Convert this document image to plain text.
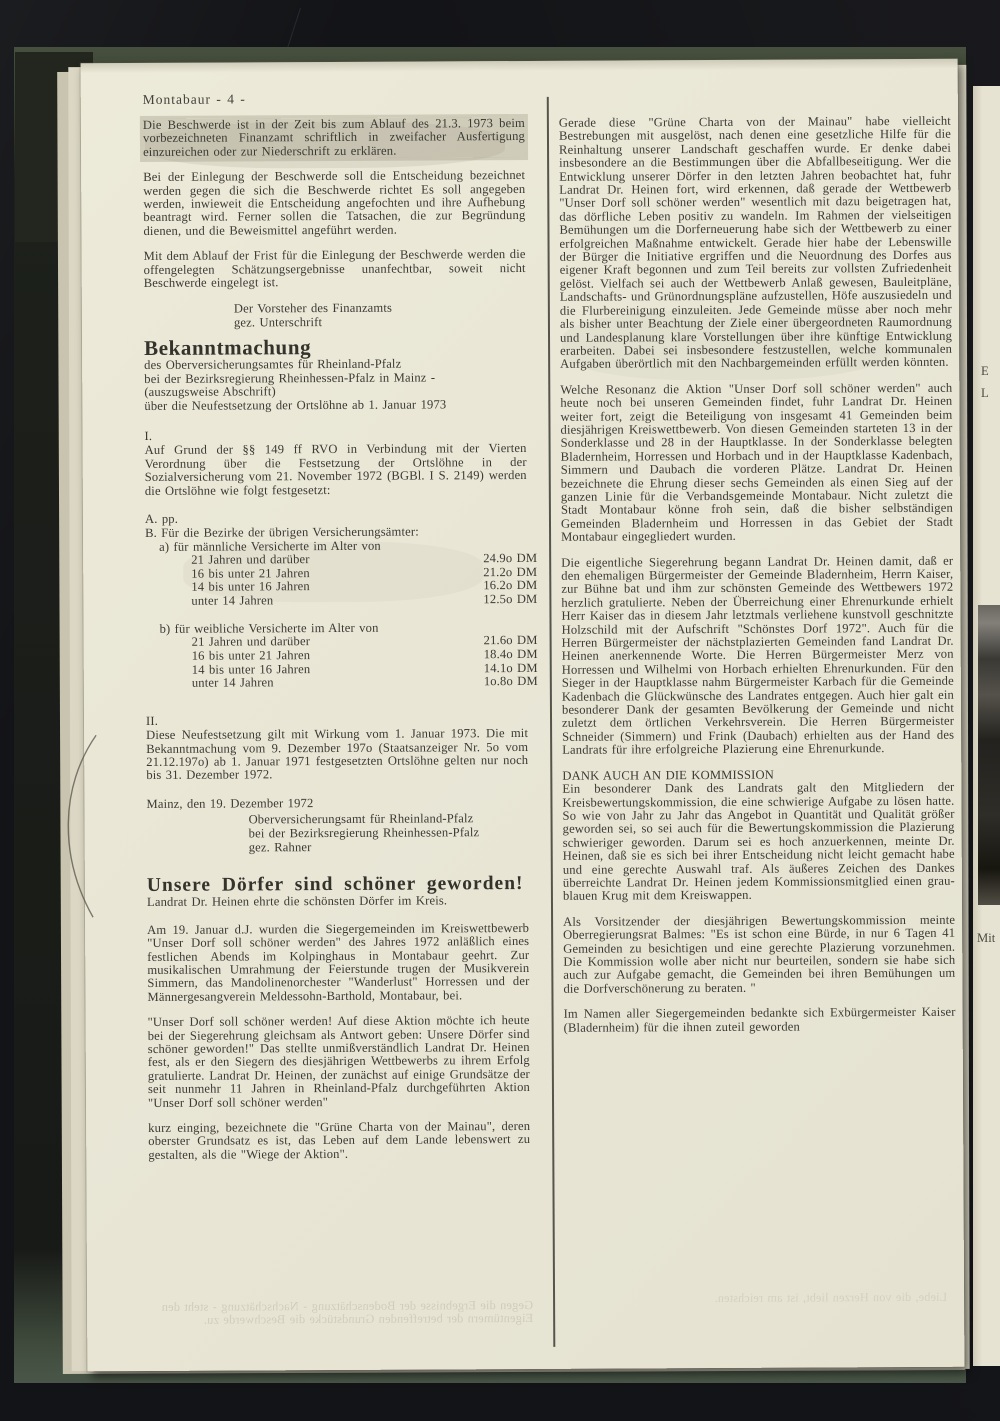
Montabaur - 4 -

Die Beschwerde ist in der Zeit bis zum Ablauf des 21.3. 1973 beim vorbezeichneten Finanzamt schriftlich in zweifacher Ausfertigung einzureichen oder zur Niederschrift zu erklären.

Bei der Einlegung der Beschwerde soll die Entscheidung bezeichnet werden gegen die sich die Beschwerde richtet Es soll angegeben werden, inwieweit die Entscheidung angefochten und ihre Aufhebung beantragt wird. Ferner sollen die Tatsachen, die zur Begründung dienen, und die Beweismittel angeführt werden.

Mit dem Ablauf der Frist für die Einlegung der Beschwerde werden die offengelegten Schätzungsergebnisse unanfechtbar, soweit nicht Beschwerde eingelegt ist.

Der Vorsteher des Finanzamts
gez. Unterschrift
Bekanntmachung
des Oberversicherungsamtes für Rheinland-Pfalz
bei der Bezirksregierung Rheinhessen-Pfalz in Mainz -
(auszugsweise Abschrift)
über die Neufestsetzung der Ortslöhne ab 1. Januar 1973
I.

Auf Grund der §§ 149 ff RVO in Verbindung mit der Vierten Verordnung über die Festsetzung der Ortslöhne in der Sozialversicherung vom 21. November 1972 (BGBl. I S. 2149) werden die Ortslöhne wie folgt festgesetzt:

A. pp.
B. Für die Bezirke der übrigen Versicherungsämter:
a) für männliche Versicherte im Alter von
21 Jahren und darüber	24.9o DM
16 bis unter 21 Jahren	21.2o DM
14 bis unter 16 Jahren	16.2o DM
unter 14 Jahren	12.5o DM
b) für weibliche Versicherte im Alter von
21 Jahren und darüber	21.6o DM
16 bis unter 21 Jahren	18.4o DM
14 bis unter 16 Jahren	14.1o DM
unter 14 Jahren	1o.8o DM
II.

Diese Neufestsetzung gilt mit Wirkung vom 1. Januar 1973. Die mit Bekanntmachung vom 9. Dezember 197o (Staatsanzeiger Nr. 5o vom 21.12.197o) ab 1. Januar 1971 festgesetzten Ortslöhne gelten nur noch bis 31. Dezember 1972.

Mainz, den 19. Dezember 1972
Oberversicherungsamt für Rheinland-Pfalz
bei der Bezirksregierung Rheinhessen-Pfalz
gez. Rahner
Unsere Dörfer sind schöner geworden!
Landrat Dr. Heinen ehrte die schönsten Dörfer im Kreis.

Am 19. Januar d.J. wurden die Siegergemeinden im Kreiswettbewerb "Unser Dorf soll schöner werden" des Jahres 1972 anläßlich eines festlichen Abends im Kolpinghaus in Montabaur geehrt. Zur musikalischen Umrahmung der Feierstunde trugen der Musikverein Simmern, das Mandolinenorchester "Wanderlust" Horressen und der Männergesangverein Meldessohn-Barthold, Montabaur, bei.

"Unser Dorf soll schöner werden! Auf diese Aktion möchte ich heute bei der Siegerehrung gleichsam als Antwort geben: Unsere Dörfer sind schöner geworden!" Das stellte unmißverständlich Landrat Dr. Heinen fest, als er den Siegern des diesjährigen Wettbewerbs zu ihrem Erfolg gratulierte. Landrat Dr. Heinen, der zunächst auf einige Grundsätze der seit nunmehr 11 Jahren in Rheinland-Pfalz durchgeführten Aktion "Unser Dorf soll schöner werden"

kurz einging, bezeichnete die "Grüne Charta von der Mainau", deren oberster Grundsatz es ist, das Leben auf dem Lande lebenswert zu gestalten, als die "Wiege der Aktion".

Gerade diese "Grüne Charta von der Mainau" habe vielleicht Bestrebungen mit ausgelöst, nach denen eine gesetzliche Hilfe für die Reinhaltung unserer Landschaft geschaffen wurde. Er denke dabei insbesondere an die Bestimmungen über die Abfallbeseitigung. Wer die Entwicklung unserer Dörfer in den letzten Jahren beobachtet hat, fuhr Landrat Dr. Heinen fort, wird erkennen, daß gerade der Wettbewerb "Unser Dorf soll schöner werden" wesentlich mit dazu beigetragen hat, das dörfliche Leben positiv zu wandeln. Im Rahmen der vielseitigen Bemühungen um die Dorferneuerung habe sich der Wettbewerb zu einer erfolgreichen Maßnahme entwickelt. Gerade hier habe der Lebenswille der Bürger die Initiative ergriffen und die Neuordnung des Dorfes aus eigener Kraft begonnen und zum Teil bereits zur vollsten Zufriedenheit gelöst. Vielfach sei auch der Wettbewerb Anlaß gewesen, Bauleitpläne, Landschafts- und Grünordnungspläne aufzustellen, Höfe auszusiedeln und die Flurbereinigung einzuleiten. Jede Gemeinde müsse aber noch mehr als bisher unter Beachtung der Ziele einer übergeordneten Raumordnung und Landesplanung klare Vorstellungen über ihre künftige Entwicklung erarbeiten. Dabei sei insbesondere festzustellen, welche kommunalen Aufgaben überörtlich mit den Nachbargemeinden erfüllt werden könnten.

Welche Resonanz die Aktion "Unser Dorf soll schöner werden" auch heute noch bei unseren Gemeinden findet, fuhr Landrat Dr. Heinen weiter fort, zeigt die Beteiligung von insgesamt 41 Gemeinden beim diesjährigen Kreiswettbewerb. Von diesen Gemeinden starteten 13 in der Sonderklasse und 28 in der Hauptklasse. In der Sonderklasse belegten Bladernheim, Horressen und Horbach und in der Hauptklasse Kadenbach, Simmern und Daubach die vorderen Plätze. Landrat Dr. Heinen bezeichnete die Ehrung dieser sechs Gemeinden als einen Sieg auf der ganzen Linie für die Verbandsgemeinde Montabaur. Nicht zuletzt die Stadt Montabaur könne froh sein, daß die bisher selbständigen Gemeinden Bladernheim und Horressen in das Gebiet der Stadt Montabaur eingegliedert wurden.

Die eigentliche Siegerehrung begann Landrat Dr. Heinen damit, daß er den ehemaligen Bürgermeister der Gemeinde Bladernheim, Herrn Kaiser, zur Bühne bat und ihm zur schönsten Gemeinde des Wettbewers 1972 herzlich gratulierte. Neben der Überreichung einer Ehrenurkunde erhielt Herr Kaiser das in diesem Jahr letztmals verliehene kunstvoll geschnitzte Holzschild mit der Aufschrift "Schönstes Dorf 1972". Auch für die Herren Bürgermeister der nächstplazierten Gemeinden fand Landrat Dr. Heinen anerkennende Worte. Die Herren Bürgermeister Merz von Horressen und Wilhelmi von Horbach erhielten Ehrenurkunden. Für den Sieger in der Hauptklasse nahm Bürgermeister Karbach für die Gemeinde Kadenbach die Glückwünsche des Landrates entgegen. Auch hier galt ein besonderer Dank der gesamten Bevölkerung der Gemeinde und nicht zuletzt dem örtlichen Verkehrsverein. Die Herren Bürgermeister Schneider (Simmern) und Frink (Daubach) erhielten aus der Hand des Landrats für ihre erfolgreiche Plazierung eine Ehrenurkunde.

DANK AUCH AN DIE KOMMISSION

Ein besonderer Dank des Landrats galt den Mitgliedern der Kreisbewertungskommission, die eine schwierige Aufgabe zu lösen hatte. So wie von Jahr zu Jahr das Angebot in Quantität und Qualität größer geworden sei, so sei auch für die Bewertungskommission die Plazierung schwieriger geworden. Darum sei es hoch anzuerkennen, meinte Dr. Heinen, daß sie es sich bei ihrer Entscheidung nicht leicht gemacht habe und eine gerechte Auswahl traf. Als äußeres Zeichen des Dankes überreichte Landrat Dr. Heinen jedem Kommissionsmitglied einen grau-blauen Krug mit dem Kreiswappen.

Als Vorsitzender der diesjährigen Bewertungskommission meinte Oberregierungsrat Balmes: "Es ist schon eine Bürde, in nur 6 Tagen 41 Gemeinden zu besichtigen und eine gerechte Plazierung vorzunehmen. Die Kommission wolle aber nicht nur beurteilen, sondern sie habe sich auch zur Aufgabe gemacht, die Gemeinden bei ihren Bemühungen um die Dorfverschönerung zu beraten. "

Im Namen aller Siegergemeinden bedankte sich Exbürgermeister Kaiser (Bladernheim) für die ihnen zuteil geworden

Gegen die Ergebnisse der Bodenschätzung - Nachschätzung - steht den Eigentümern der betreffenden Grundstücke die Beschwerde zu.
Liebe, die von Herzen liebt, ist am reichsten.
E
L
Mit
